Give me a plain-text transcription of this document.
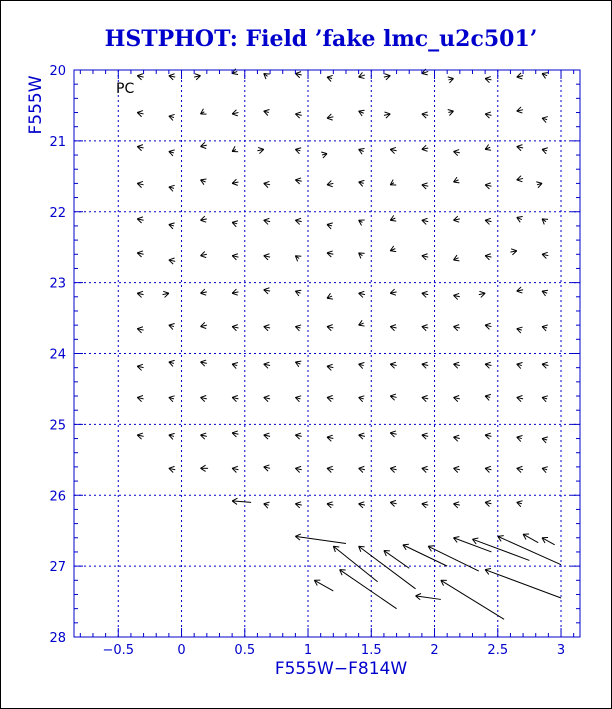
HSTPHOT: Field ’fake lmc_u2c501’
−0.5	0	0.5	1	1.5	2	2.5	3
20
21
22
23
24
25
26
27
28
PC
F555W−F814W
F555W
